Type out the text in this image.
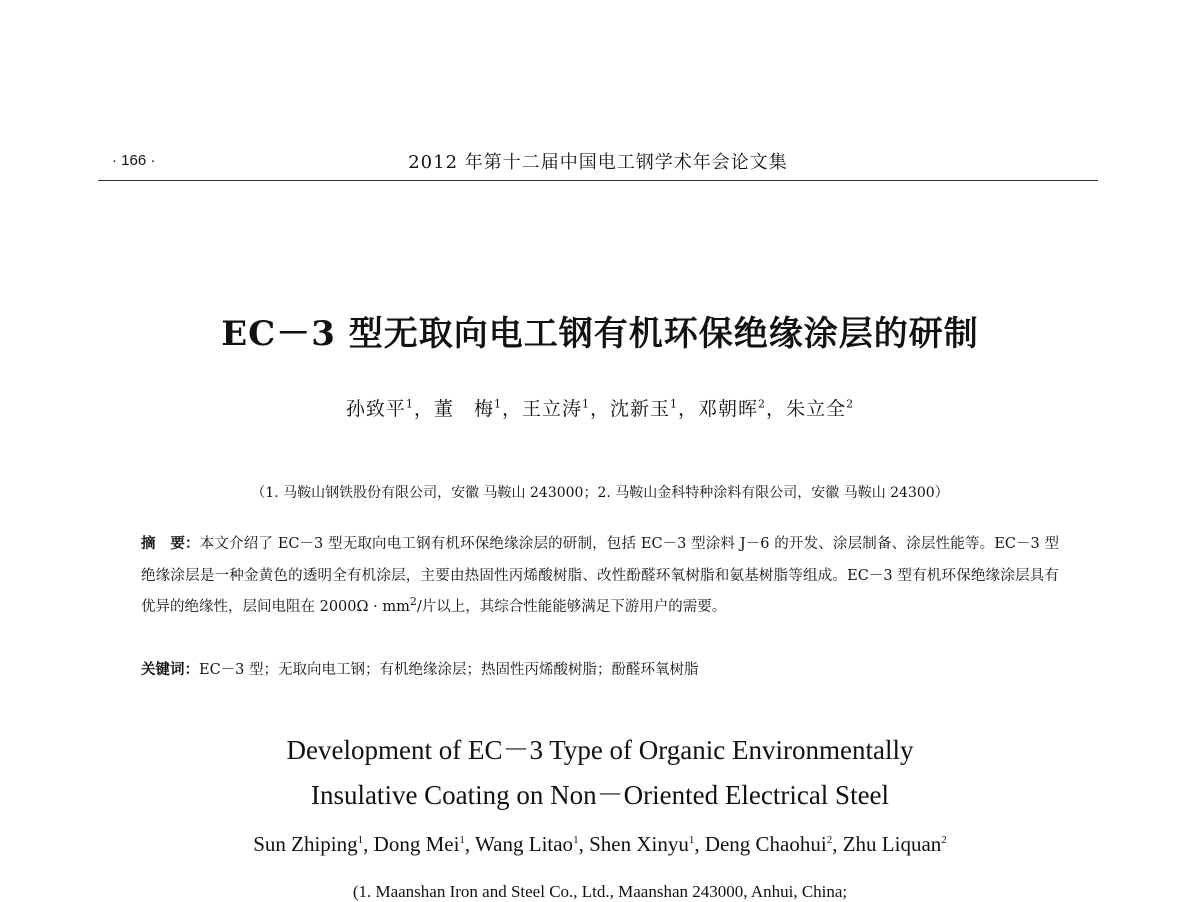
· 166 ·	2012 年第十二届中国电工钢学术年会论文集
EC－3 型无取向电工钢有机环保绝缘涂层的研制
孙致平$^1$，董　梅$^1$，王立涛$^1$，沈新玉$^1$，邓朝晖$^2$，朱立全$^2$
（1. 马鞍山钢铁股份有限公司，安徽 马鞍山 243000；2. 马鞍山金科特种涂料有限公司，安徽 马鞍山 24300）
摘　要：本文介绍了 EC－3 型无取向电工钢有机环保绝缘涂层的研制，包括 EC－3 型涂料 J－6 的开发、涂层制备、涂层性能等。EC－3 型绝缘涂层是一种金黄色的透明全有机涂层，主要由热固性丙烯酸树脂、改性酚醛环氧树脂和氨基树脂等组成。EC－3 型有机环保绝缘涂层具有优异的绝缘性，层间电阻在 $2000\Omega \cdot mm^2/$片以上，其综合性能能够满足下游用户的需要。
关键词：EC－3 型；无取向电工钢；有机绝缘涂层；热固性丙烯酸树脂；酚醛环氧树脂
Development of EC－3 Type of Organic Environmentally
Insulative Coating on Non－Oriented Electrical Steel
Sun Zhiping$^1$, Dong Mei$^1$, Wang Litao$^1$, Shen Xinyu$^1$, Deng Chaohui$^2$, Zhu Liquan$^2$
(1. Maanshan Iron and Steel Co., Ltd., Maanshan 243000, Anhui, China;
